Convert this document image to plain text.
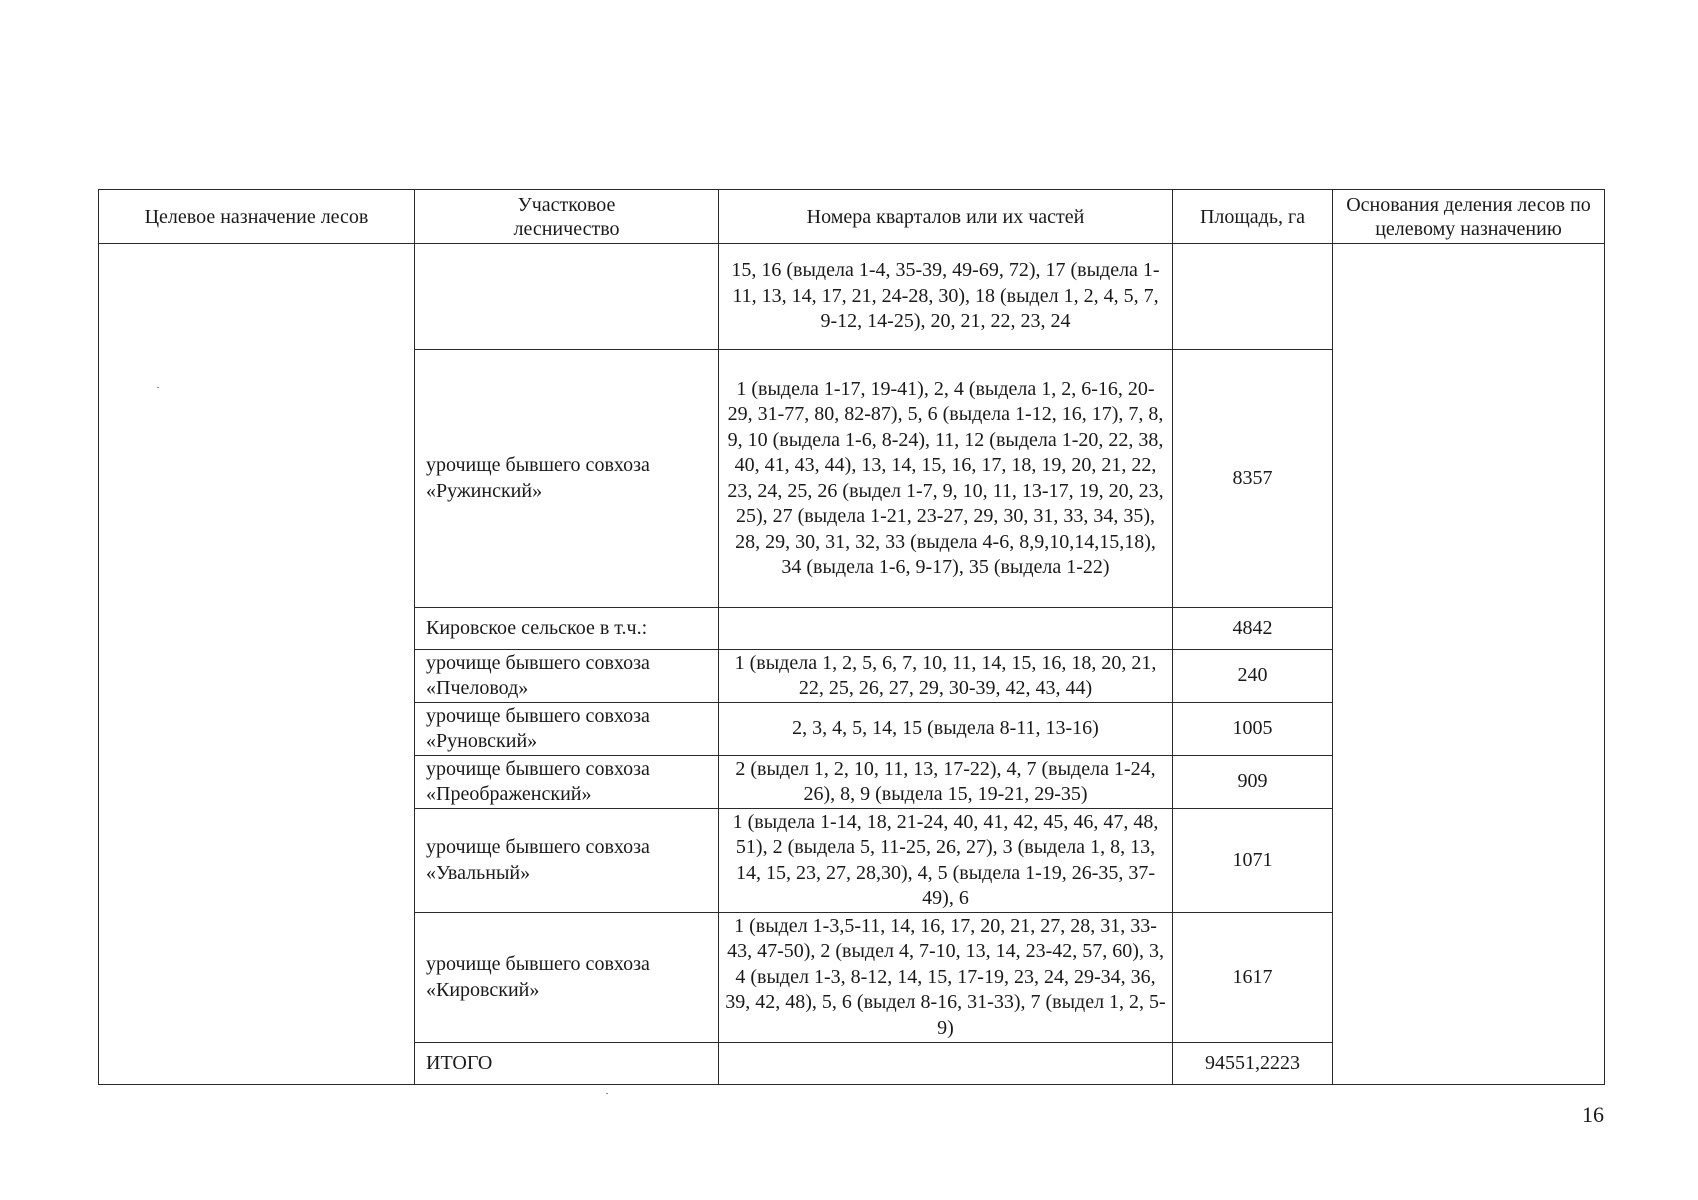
Целевое назначение лесов	Участковое лесничество	Номера кварталов или их частей	Площадь, га	Основания деления лесов по целевому назначению
		15, 16 (выдела 1-4, 35-39, 49-69, 72), 17 (выдела 1-11, 13, 14, 17, 21, 24-28, 30), 18 (выдел 1, 2, 4, 5, 7, 9-12, 14-25), 20, 21, 22, 23, 24		
	урочище бывшего совхоза «Ружинский»	1 (выдела 1-17, 19-41), 2, 4 (выдела 1, 2, 6-16, 20-29, 31-77, 80, 82-87), 5, 6 (выдела 1-12, 16, 17), 7, 8, 9, 10 (выдела 1-6, 8-24), 11, 12 (выдела 1-20, 22, 38, 40, 41, 43, 44), 13, 14, 15, 16, 17, 18, 19, 20, 21, 22, 23, 24, 25, 26 (выдел 1-7, 9, 10, 11, 13-17, 19, 20, 23, 25), 27 (выдела 1-21, 23-27, 29, 30, 31, 33, 34, 35), 28, 29, 30, 31, 32, 33 (выдела 4-6, 8,9,10,14,15,18), 34 (выдела 1-6, 9-17), 35 (выдела 1-22)	8357	
	Кировское сельское в т.ч.:		4842	
	урочище бывшего совхоза «Пчеловод»	1 (выдела 1, 2, 5, 6, 7, 10, 11, 14, 15, 16, 18, 20, 21, 22, 25, 26, 27, 29, 30-39, 42, 43, 44)	240	
	урочище бывшего совхоза «Руновский»	2, 3, 4, 5, 14, 15 (выдела 8-11, 13-16)	1005	
	урочище бывшего совхоза «Преображенский»	2 (выдел 1, 2, 10, 11, 13, 17-22), 4, 7 (выдела 1-24, 26), 8, 9 (выдела 15, 19-21, 29-35)	909	
	урочище бывшего совхоза «Увальный»	1 (выдела 1-14, 18, 21-24, 40, 41, 42, 45, 46, 47, 48, 51), 2 (выдела 5, 11-25, 26, 27), 3 (выдела 1, 8, 13, 14, 15, 23, 27, 28,30), 4, 5 (выдела 1-19, 26-35, 37-49), 6	1071	
	урочище бывшего совхоза «Кировский»	1 (выдел 1-3,5-11, 14, 16, 17, 20, 21, 27, 28, 31, 33-43, 47-50), 2 (выдел 4, 7-10, 13, 14, 23-42, 57, 60), 3, 4 (выдел 1-3, 8-12, 14, 15, 17-19, 23, 24, 29-34, 36, 39, 42, 48), 5, 6 (выдел 8-16, 31-33), 7 (выдел 1, 2, 5-9)	1617	
	ИТОГО		94551,2223	
16
